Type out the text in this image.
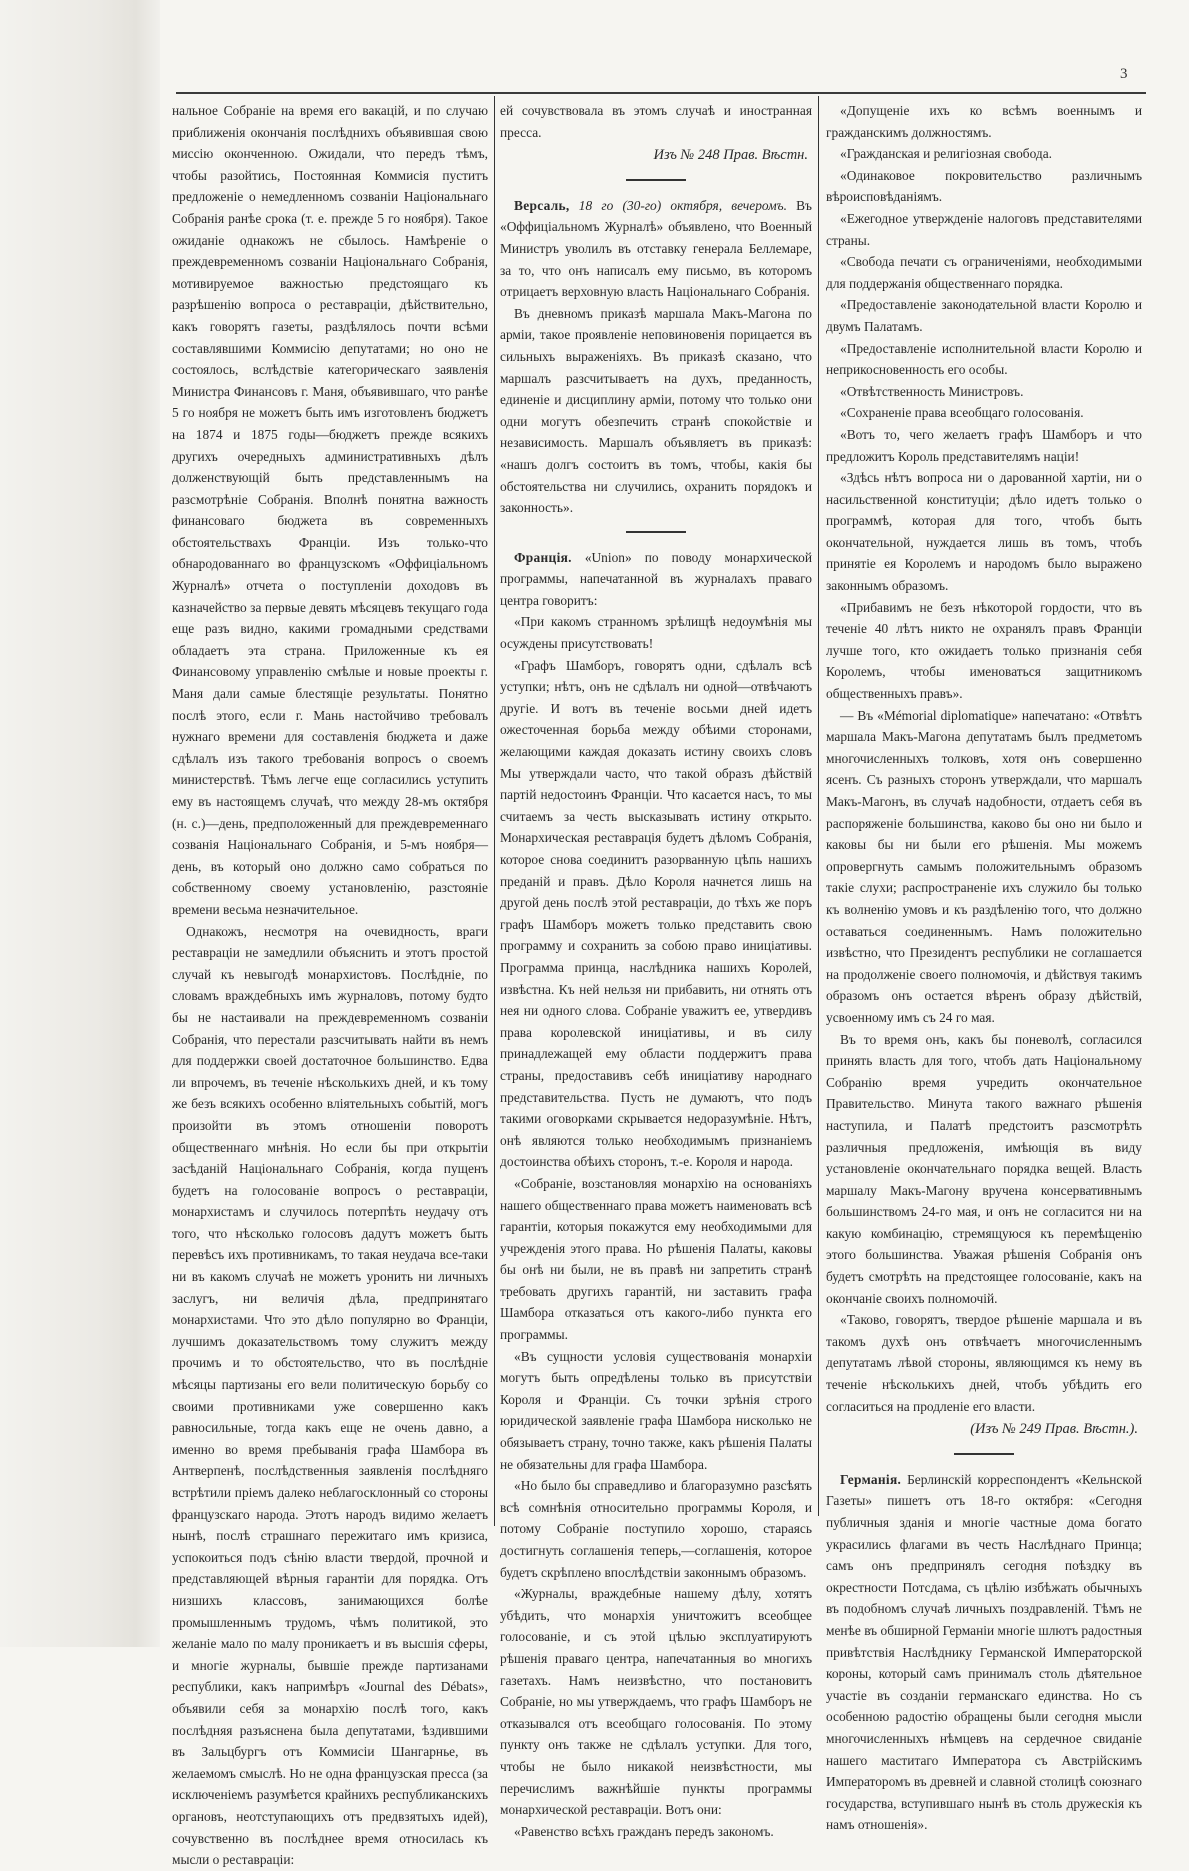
3

нальное Собраніе на время его вакацій, и по случаю приближенія окончанія послѣднихъ объявившая свою миссію оконченною. Ожидали, что передъ тѣмъ, чтобы разойтись, Постоянная Коммисія пуститъ предложеніе о немедленномъ созваніи Національнаго Собранія ранѣе срока (т. е. прежде 5 го ноября). Такое ожиданіе однакожъ не сбылось. Намѣреніе о преждевременномъ созваніи Національнаго Собранія, мотивируемое важностью предстоящаго къ разрѣшенію вопроса о реставраціи, дѣйствительно, какъ говорятъ газеты, раздѣлялось почти всѣми составлявшими Коммисію депутатами; но оно не состоялось, вслѣдствіе категорическаго заявленія Министра Финансовъ г. Маня, объявившаго, что ранѣе 5 го ноября не можетъ быть имъ изготовленъ бюджетъ на 1874 и 1875 годы—бюджетъ прежде всякихъ другихъ очередныхъ административныхъ дѣлъ долженствующій быть представленнымъ на разсмотрѣніе Собранія. Вполнѣ понятна важность финансоваго бюджета въ современныхъ обстоятельствахъ Франціи. Изъ только-что обнародованнаго во французскомъ «Оффиціальномъ Журналѣ» отчета о поступленіи доходовъ въ казначейство за первые девять мѣсяцевъ текущаго года еще разъ видно, какими громадными средствами обладаетъ эта страна. Приложенные къ ея Финансовому управленію смѣлые и новые проекты г. Маня дали самые блестящіе результаты. Понятно послѣ этого, если г. Мань настойчиво требовалъ нужнаго времени для составленія бюджета и даже сдѣлалъ изъ такого требованія вопросъ о своемъ министерствѣ. Тѣмъ легче еще согласились уступить ему въ настоящемъ случаѣ, что между 28-мъ октября (н. с.)—день, предположенный для преждевременнаго созванія Національнаго Собранія, и 5-мъ ноября—день, въ который оно должно само собраться по собственному своему установленію, разстояніе времени весьма незначительное.

Однакожъ, несмотря на очевидность, враги реставраціи не замедлили объяснить и этотъ простой случай къ невыгодѣ монархистовъ. Послѣдніе, по словамъ враждебныхъ имъ журналовъ, потому будто бы не настаивали на преждевременномъ созваніи Собранія, что перестали разсчитывать найти въ немъ для поддержки своей достаточное большинство. Едва ли впрочемъ, въ теченіе нѣсколькихъ дней, и къ тому же безъ всякихъ особенно вліятельныхъ событій, могъ произойти въ этомъ отношеніи поворотъ общественнаго мнѣнія. Но если бы при открытіи засѣданій Національнаго Собранія, когда пущенъ будетъ на голосованіе вопросъ о реставраціи, монархистамъ и случилось потерпѣть неудачу отъ того, что нѣсколько голосовъ дадутъ можетъ быть перевѣсъ ихъ противникамъ, то такая неудача все-таки ни въ какомъ случаѣ не можетъ уронить ни личныхъ заслугъ, ни величія дѣла, предпринятаго монархистами. Что это дѣло популярно во Франціи, лучшимъ доказательствомъ тому служитъ между прочимъ и то обстоятельство, что въ послѣдніе мѣсяцы партизаны его вели политическую борьбу со своими противниками уже совершенно какъ равносильные, тогда какъ еще не очень давно, а именно во время пребыванія графа Шамбора въ Антверпенѣ, послѣдственныя заявленія послѣдняго встрѣтили пріемъ далеко неблагосклонный со стороны французскаго народа. Этотъ народъ видимо желаетъ нынѣ, послѣ страшнаго пережитаго имъ кризиса, успокоиться подъ сѣнію власти твердой, прочной и представляющей вѣрныя гарантіи для порядка. Отъ низшихъ классовъ, занимающихся болѣе промышленнымъ трудомъ, чѣмъ политикой, это желаніе мало по малу проникаетъ и въ высшія сферы, и многіе журналы, бывшіе прежде партизанами республики, какъ напримѣръ «Journal des Débats», объявили себя за монархію послѣ того, какъ послѣдняя разъяснена была депутатами, ѣздившими въ Зальцбургъ отъ Коммисіи Шангарнье, въ желаемомъ смыслѣ. Но не одна французская пресса (за исключеніемъ разумѣется крайнихъ республиканскихъ органовъ, неотступающихъ отъ предвзятыхъ идей), сочувственно въ послѣднее время относилась къ мысли о реставраціи:

ей сочувствовала въ этомъ случаѣ и иностранная пресса.

Изъ № 248 Прав. Вѣстн.

Версаль, 18 го (30-го) октября, вечеромъ. Въ «Оффиціальномъ Журналѣ» объявлено, что Военный Министръ уволилъ въ отставку генерала Беллемаре, за то, что онъ написалъ ему письмо, въ которомъ отрицаетъ верховную власть Національнаго Собранія.

Въ дневномъ приказѣ маршала Макъ-Магона по арміи, такое проявленіе неповиновенія порицается въ сильныхъ выраженіяхъ. Въ приказѣ сказано, что маршалъ разсчитываетъ на духъ, преданность, единеніе и дисциплину арміи, потому что только они одни могутъ обезпечить странѣ спокойствіе и независимость. Маршалъ объявляетъ въ приказѣ: «нашъ долгъ состоитъ въ томъ, чтобы, какія бы обстоятельства ни случились, охранить порядокъ и законность».

Франція. «Union» по поводу монархической программы, напечатанной въ журналахъ праваго центра говоритъ:

«При какомъ странномъ зрѣлищѣ недоумѣнія мы осуждены присутствовать!

«Графъ Шамборъ, говорятъ одни, сдѣлалъ всѣ уступки; нѣтъ, онъ не сдѣлалъ ни одной—отвѣчаютъ другіе. И вотъ въ теченіе восьми дней идетъ ожесточенная борьба между обѣими сторонами, желающими каждая доказать истину своихъ словъ Мы утверждали часто, что такой образъ дѣйствій партій недостоинъ Франціи. Что касается насъ, то мы считаемъ за честь высказывать истину открыто. Монархическая реставрація будетъ дѣломъ Собранія, которое снова соединитъ разорванную цѣпь нашихъ преданій и правъ. Дѣло Короля начнется лишь на другой день послѣ этой реставраціи, до тѣхъ же поръ графъ Шамборъ можетъ только представить свою программу и сохранить за собою право иниціативы. Программа принца, наслѣдника нашихъ Королей, извѣстна. Къ ней нельзя ни прибавить, ни отнять отъ нея ни одного слова. Собраніе уважитъ ее, утвердивъ права королевской иниціативы, и въ силу принадлежащей ему области поддержитъ права страны, предоставивъ себѣ иниціативу народнаго представительства. Пусть не думаютъ, что подъ такими оговорками скрывается недоразумѣніе. Нѣтъ, онѣ являются только необходимымъ признаніемъ достоинства обѣихъ сторонъ, т.-е. Короля и народа.

«Собраніе, возстановляя монархію на основаніяхъ нашего общественнаго права можетъ наименовать всѣ гарантіи, которыя покажутся ему необходимыми для учрежденія этого права. Но рѣшенія Палаты, каковы бы онѣ ни были, не въ правѣ ни запретить странѣ требовать другихъ гарантій, ни заставить графа Шамбора отказаться отъ какого-либо пункта его программы.

«Въ сущности условія существованія монархіи могутъ быть опредѣлены только въ присутствіи Короля и Франціи. Съ точки зрѣнія строго юридической заявленіе графа Шамбора нисколько не обязываетъ страну, точно также, какъ рѣшенія Палаты не обязательны для графа Шамбора.

«Но было бы справедливо и благоразумно разсѣять всѣ сомнѣнія относительно программы Короля, и потому Собраніе поступило хорошо, стараясь достигнуть соглашенія теперь,—соглашенія, которое будетъ скрѣплено впослѣдствіи законнымъ образомъ.

«Журналы, враждебные нашему дѣлу, хотятъ убѣдить, что монархія уничтожитъ всеобщее голосованіе, и съ этой цѣлью эксплуатируютъ рѣшенія праваго центра, напечатанныя во многихъ газетахъ. Намъ неизвѣстно, что постановитъ Собраніе, но мы утверждаемъ, что графъ Шамборъ не отказывался отъ всеобщаго голосованія. По этому пункту онъ также не сдѣлалъ уступки. Для того, чтобы не было никакой неизвѣстности, мы перечислимъ важнѣйшіе пункты программы монархической реставраціи. Вотъ они:

«Равенство всѣхъ гражданъ передъ закономъ.

«Допущеніе ихъ ко всѣмъ военнымъ и гражданскимъ должностямъ.

«Гражданская и религіозная свобода.

«Одинаковое покровительство различнымъ вѣроисповѣданіямъ.

«Ежегодное утвержденіе налоговъ представителями страны.

«Свобода печати съ ограниченіями, необходимыми для поддержанія общественнаго порядка.

«Предоставленіе законодательной власти Королю и двумъ Палатамъ.

«Предоставленіе исполнительной власти Королю и неприкосновенность его особы.

«Отвѣтственность Министровъ.

«Сохраненіе права всеобщаго голосованія.

«Вотъ то, чего желаетъ графъ Шамборъ и что предложитъ Король представителямъ націи!

«Здѣсь нѣтъ вопроса ни о дарованной хартіи, ни о насильственной конституціи; дѣло идетъ только о программѣ, которая для того, чтобъ быть окончательной, нуждается лишь въ томъ, чтобъ принятіе ея Королемъ и народомъ было выражено законнымъ образомъ.

«Прибавимъ не безъ нѣкоторой гордости, что въ теченіе 40 лѣтъ никто не охранялъ правъ Франціи лучше того, кто ожидаетъ только признанія себя Королемъ, чтобы именоваться защитникомъ общественныхъ правъ».

— Въ «Mémorial diplomatique» напечатано: «Отвѣтъ маршала Макъ-Магона депутатамъ былъ предметомъ многочисленныхъ толковъ, хотя онъ совершенно ясенъ. Съ разныхъ сторонъ утверждали, что маршалъ Макъ-Магонъ, въ случаѣ надобности, отдаетъ себя въ распоряженіе большинства, каково бы оно ни было и каковы бы ни были его рѣшенія. Мы можемъ опровергнуть самымъ положительнымъ образомъ такіе слухи; распространеніе ихъ служило бы только къ волненію умовъ и къ раздѣленію того, что должно оставаться соединеннымъ. Намъ положительно извѣстно, что Президентъ республики не соглашается на продолженіе своего полномочія, и дѣйствуя такимъ образомъ онъ остается вѣренъ образу дѣйствій, усвоенному имъ съ 24 го мая.

Въ то время онъ, какъ бы поневолѣ, согласился принять власть для того, чтобъ дать Національному Собранію время учредить окончательное Правительство. Минута такого важнаго рѣшенія наступила, и Палатѣ предстоитъ разсмотрѣть различныя предложенія, имѣющія въ виду установленіе окончательнаго порядка вещей. Власть маршалу Макъ-Магону вручена консервативнымъ большинствомъ 24-го мая, и онъ не согласится ни на какую комбинацію, стремящуюся къ перемѣщенію этого большинства. Уважая рѣшенія Собранія онъ будетъ смотрѣть на предстоящее голосованіе, какъ на окончаніе своихъ полномочій.

«Таково, говорятъ, твердое рѣшеніе маршала и въ такомъ духѣ онъ отвѣчаетъ многочисленнымъ депутатамъ лѣвой стороны, являющимся къ нему въ теченіе нѣсколькихъ дней, чтобъ убѣдить его согласиться на продленіе его власти.

(Изъ № 249 Прав. Вѣстн.).

Германія. Берлинскій корреспондентъ «Кельнской Газеты» пишетъ отъ 18-го октября: «Сегодня публичныя зданія и многіе частные дома богато украсились флагами въ честь Наслѣднаго Принца; самъ онъ предпринялъ сегодня поѣздку въ окрестности Потсдама, съ цѣлію избѣжать обычныхъ въ подобномъ случаѣ личныхъ поздравленій. Тѣмъ не менѣе въ обширной Германіи многіе шлютъ радостныя привѣтствія Наслѣднику Германской Императорской короны, который самъ принималъ столь дѣятельное участіе въ созданіи германскаго единства. Но съ особенною радостію обращены были сегодня мысли многочисленныхъ нѣмцевъ на сердечное свиданіе нашего маститаго Императора съ Австрійскимъ Императоромъ въ древней и славной столицѣ союзнаго государства, вступившаго нынѣ въ столь дружескія къ намъ отношенія».
